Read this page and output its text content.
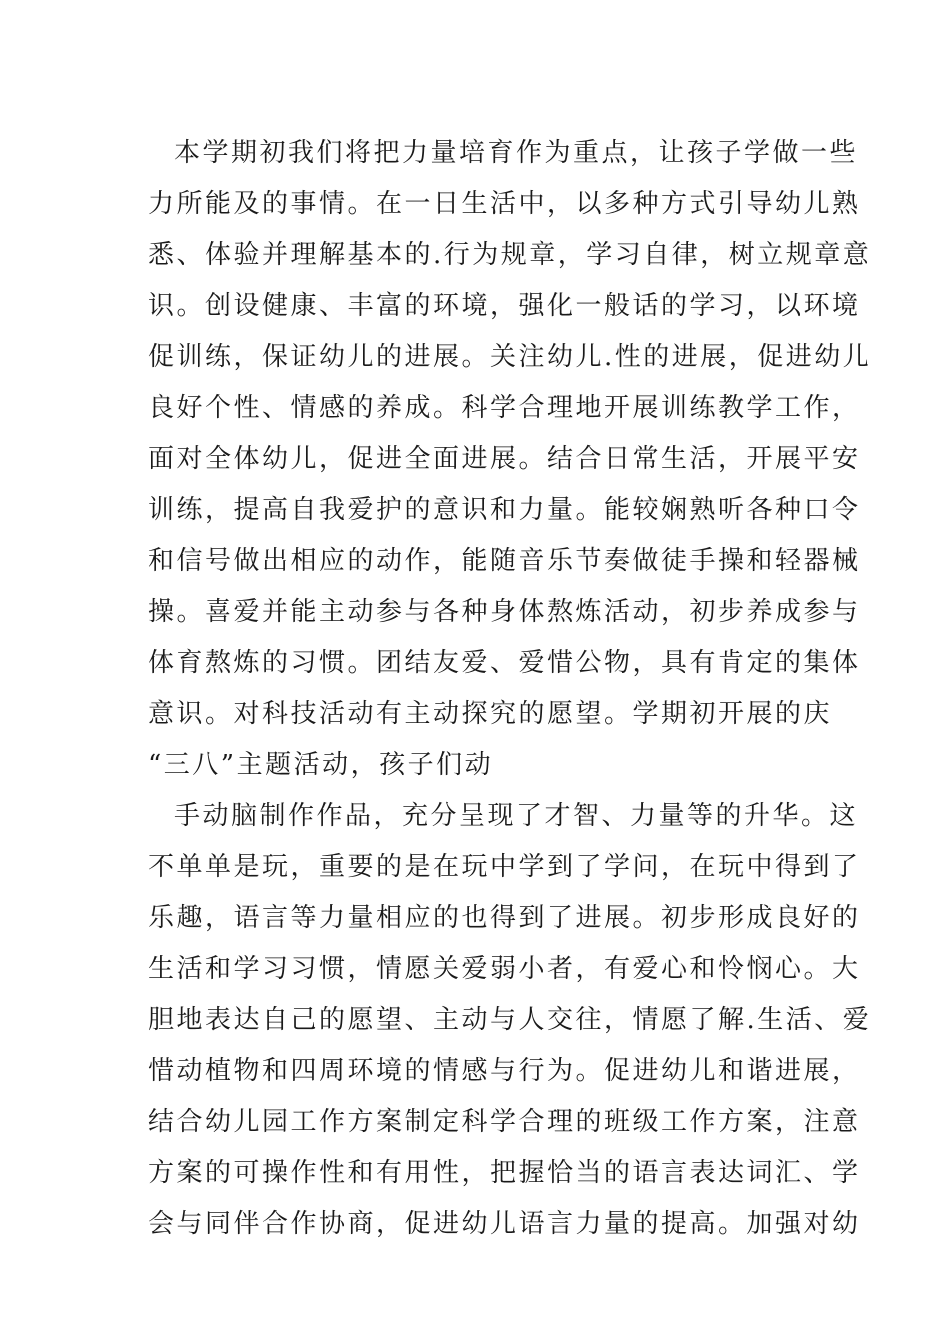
本学期初我们将把力量培育作为重点，让孩子学做一些
力所能及的事情。在一日生活中，以多种方式引导幼儿熟
悉、体验并理解基本的.行为规章，学习自律，树立规章意
识。创设健康、丰富的环境，强化一般话的学习，以环境
促训练，保证幼儿的进展。关注幼儿.性的进展，促进幼儿
良好个性、情感的养成。科学合理地开展训练教学工作，
面对全体幼儿，促进全面进展。结合日常生活，开展平安
训练，提高自我爱护的意识和力量。能较娴熟听各种口令
和信号做出相应的动作，能随音乐节奏做徒手操和轻器械
操。喜爱并能主动参与各种身体熬炼活动，初步养成参与
体育熬炼的习惯。团结友爱、爱惜公物，具有肯定的集体
意识。对科技活动有主动探究的愿望。学期初开展的庆
“三八”主题活动，孩子们动
手动脑制作作品，充分呈现了才智、力量等的升华。这
不单单是玩，重要的是在玩中学到了学问，在玩中得到了
乐趣，语言等力量相应的也得到了进展。初步形成良好的
生活和学习习惯，情愿关爱弱小者，有爱心和怜悯心。大
胆地表达自己的愿望、主动与人交往，情愿了解.生活、爱
惜动植物和四周环境的情感与行为。促进幼儿和谐进展，
结合幼儿园工作方案制定科学合理的班级工作方案，注意
方案的可操作性和有用性，把握恰当的语言表达词汇、学
会与同伴合作协商，促进幼儿语言力量的提高。加强对幼
